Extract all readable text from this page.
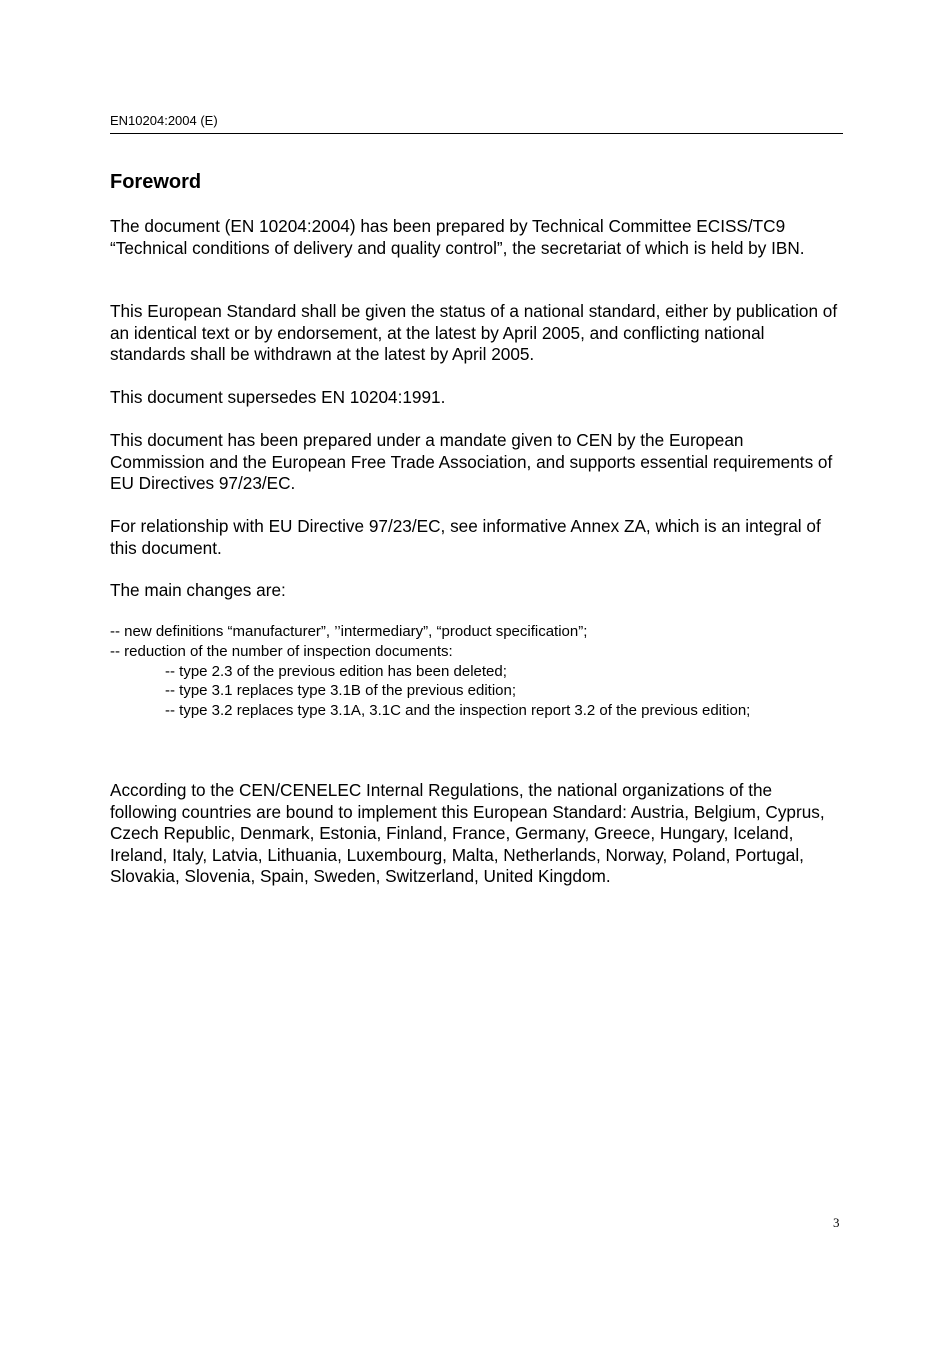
EN10204:2004 (E)
Foreword

The document (EN 10204:2004) has been prepared by Technical Committee ECISS/TC9 “Technical conditions of delivery and quality control”, the secretariat of which is held by IBN.

This European Standard shall be given the status of a national standard, either by publication of an identical text or by endorsement, at the latest by April 2005, and conflicting national standards shall be withdrawn at the latest by April 2005.

This document supersedes EN 10204:1991.

This document has been prepared under a mandate given to CEN by the European Commission and the European Free Trade Association, and supports essential requirements of EU Directives 97/23/EC.

For relationship with EU Directive 97/23/EC, see informative Annex ZA, which is an integral of this document.

The main changes are:

-- new definitions “manufacturer”, ’’intermediary”, “product specification”;
-- reduction of the number of inspection documents:
-- type 2.3 of the previous edition has been deleted;
-- type 3.1 replaces type 3.1B of the previous edition;
-- type 3.2 replaces type 3.1A, 3.1C and the inspection report 3.2 of the previous edition;

According to the CEN/CENELEC Internal Regulations, the national organizations of the following countries are bound to implement this European Standard: Austria, Belgium, Cyprus, Czech Republic, Denmark, Estonia, Finland, France, Germany, Greece, Hungary, Iceland, Ireland, Italy, Latvia, Lithuania, Luxembourg, Malta, Netherlands, Norway, Poland, Portugal, Slovakia, Slovenia, Spain, Sweden, Switzerland, United Kingdom.

3
